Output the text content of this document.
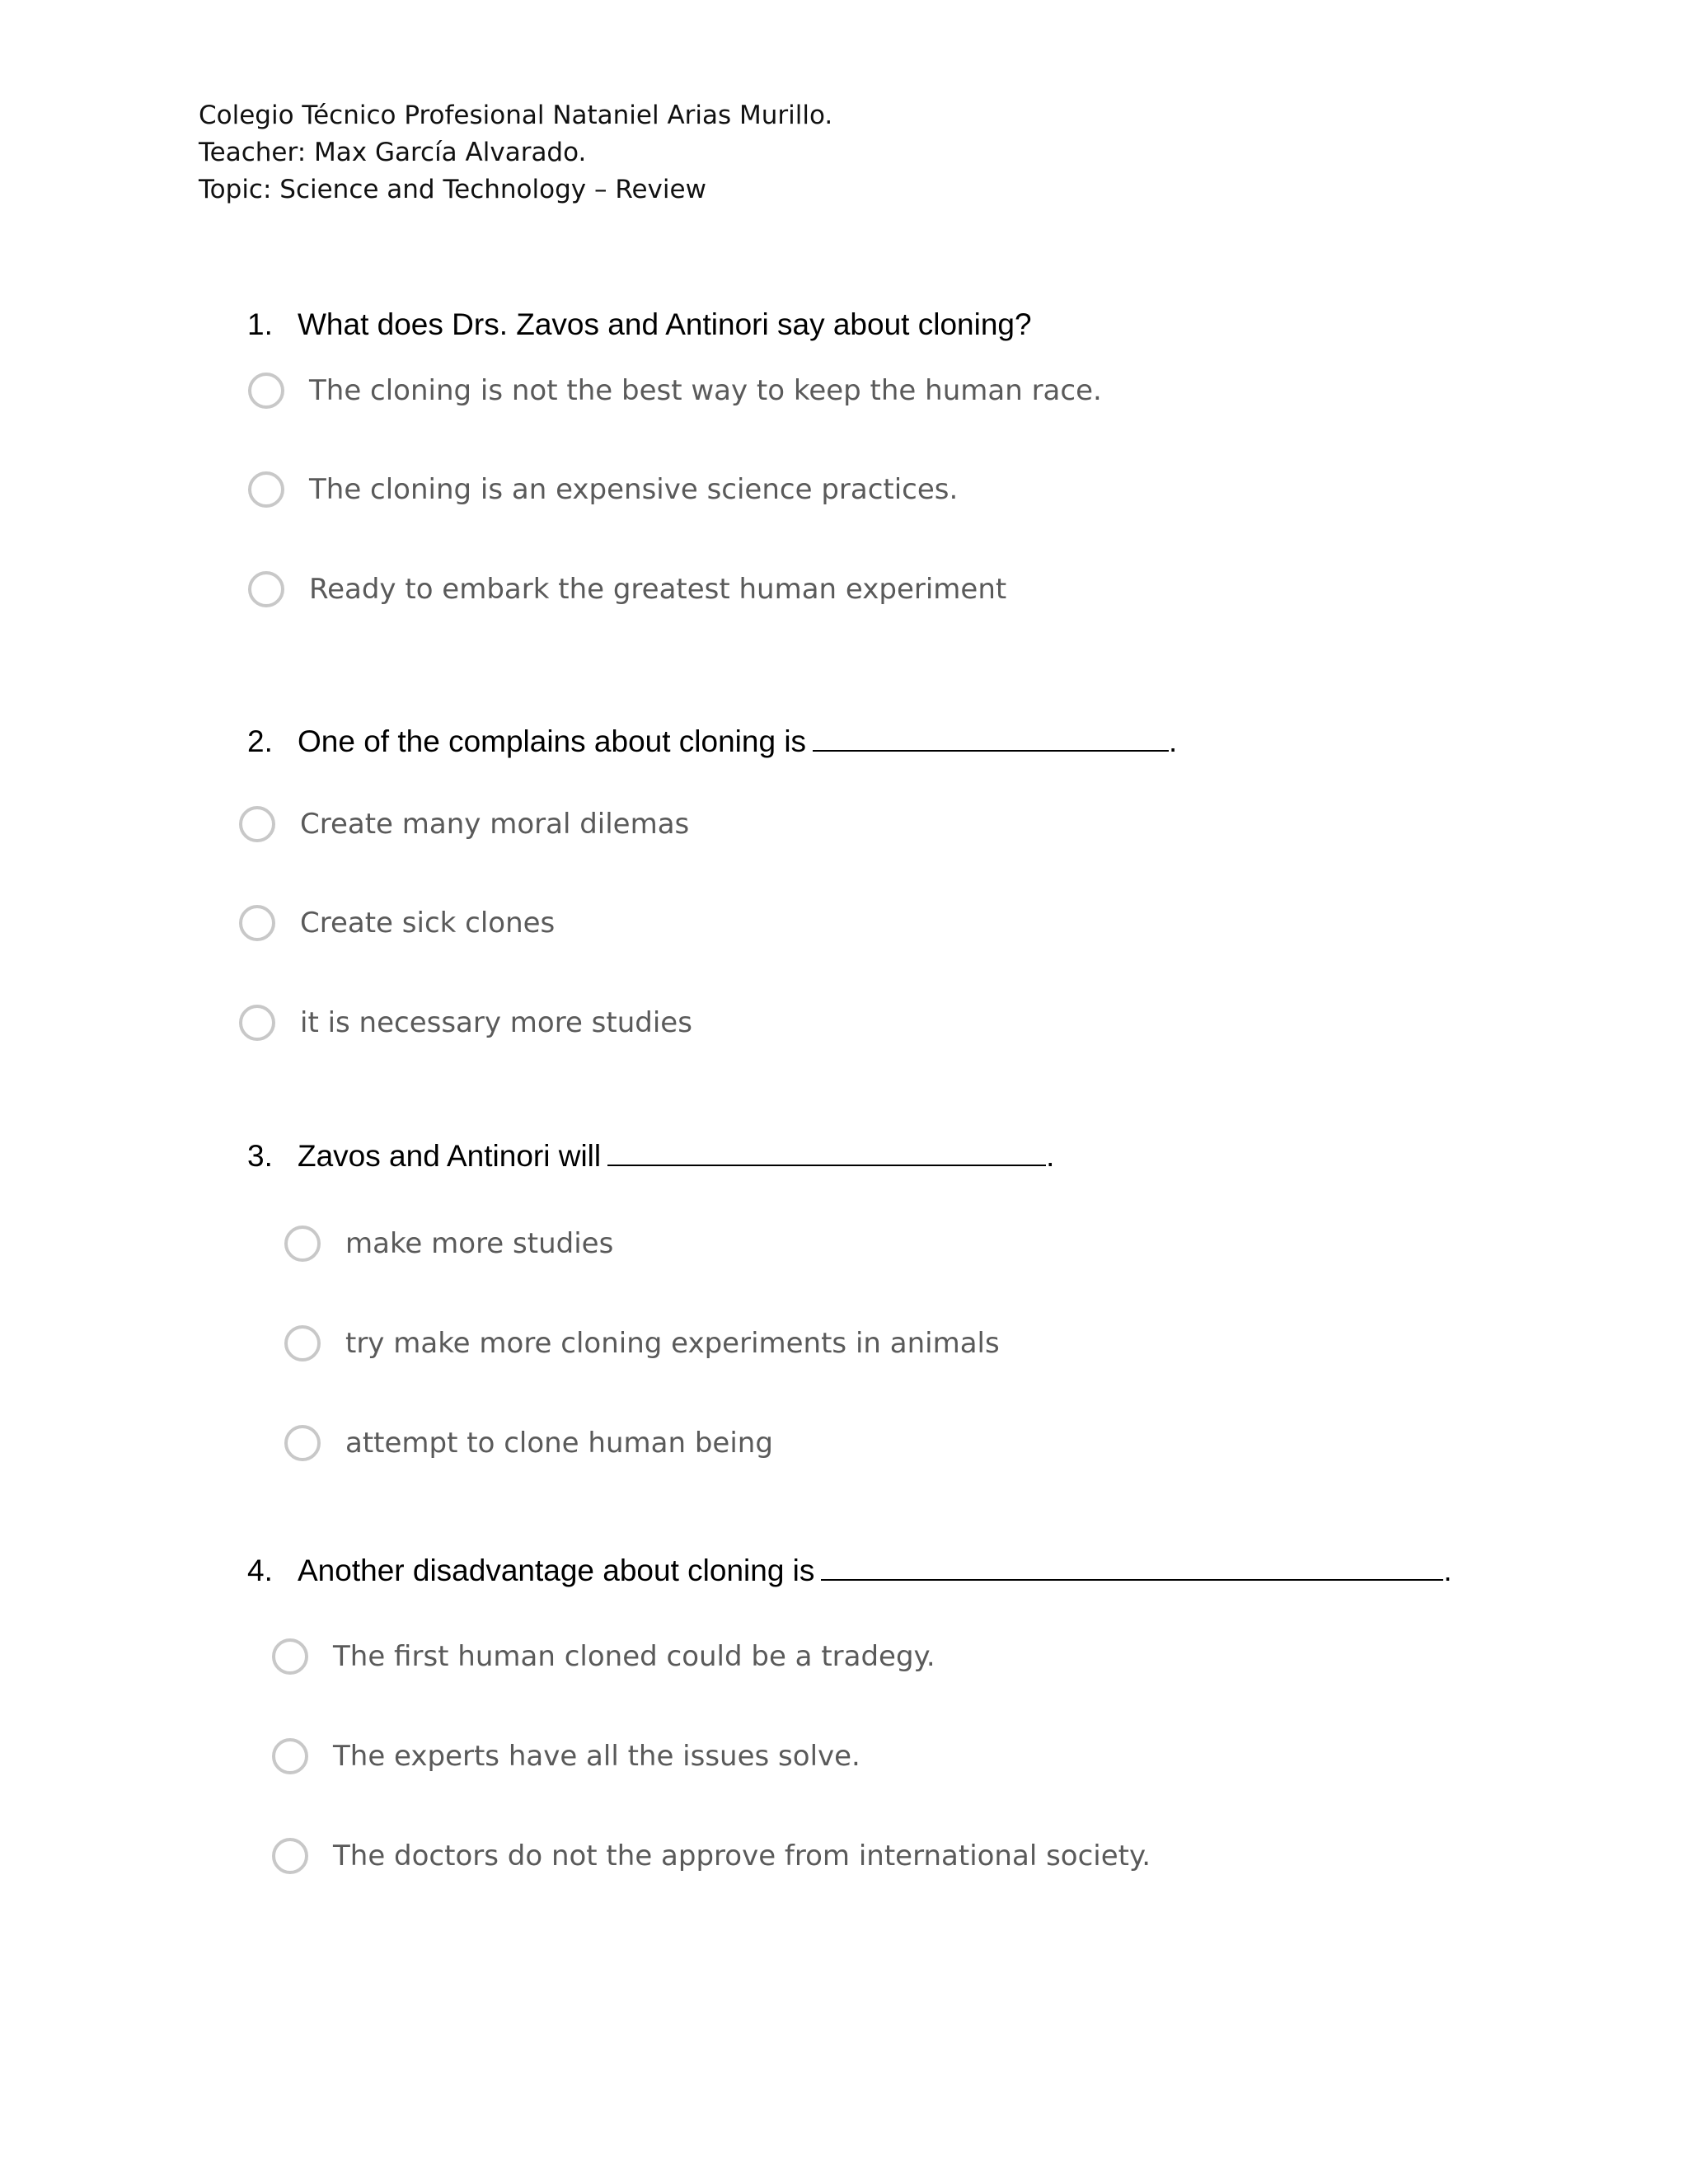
Colegio Técnico Profesional Nataniel Arias Murillo.
Teacher: Max García Alvarado.
Topic: Science and Technology – Review
1. What does Drs. Zavos and Antinori say about cloning?
The cloning is not the best way to keep the human race.
The cloning is an expensive science practices.
Ready to embark the greatest human experiment
2. One of the complains about cloning is	.
Create many moral dilemas
Create sick clones
it is necessary more studies
3. Zavos and Antinori will	.
make more studies
try make more cloning experiments in animals
attempt to clone human being
4. Another disadvantage about cloning is	.
The first human cloned could be a tradegy.
The experts have all the issues solve.
The doctors do not the approve from international society.
